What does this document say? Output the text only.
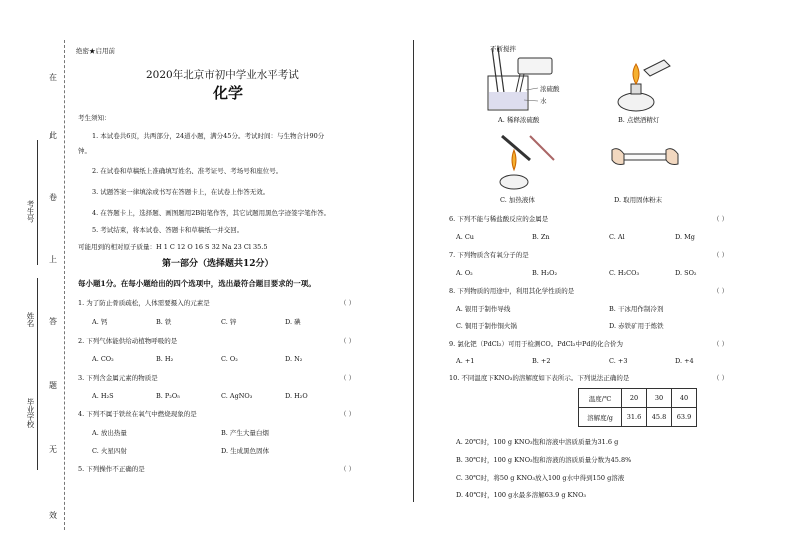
在
此
卷
上
答
题
无
效
考生号
姓名
毕业学校
绝密★启用前
2020年北京市初中学业水平考试
化学
考生须知：
1. 本试卷共6页，共两部分，24道小题，满分45分。考试时间：与生物合计90分
钟。
2. 在试卷和草稿纸上准确填写姓名、准考证号、考场号和座位号。
3. 试题答案一律填涂或书写在答题卡上，在试卷上作答无效。
4. 在答题卡上，选择题、画图题用2B铅笔作答，其它试题用黑色字迹签字笔作答。
5. 考试结束，将本试卷、答题卡和草稿纸一并交回。
可能用到的相对原子质量：H 1 C 12 O 16 S 32 Na 23 Cl 35.5
第一部分（选择题共12分）
每小题1分。在每小题给出的四个选项中，选出最符合题目要求的一项。
1. 为了防止骨质疏松，人体需要摄入的元素是	（ ）
A. 钙	B. 铁	C. 锌	D. 碘
2. 下列气体能供给动植物呼吸的是	（ ）
A. CO₂	B. H₂	C. O₂	D. N₂
3. 下列含金属元素的物质是	（ ）
A. H₂S	B. P₂O₅	C. AgNO₃	D. H₂O
4. 下列不属于铁丝在氧气中燃烧现象的是	（ ）
A. 放出热量	B. 产生大量白烟
C. 火星四射	D. 生成黑色固体
5. 下列操作不正确的是	（ ）
不断搅拌
浓硫酸
水
A. 稀释浓硫酸	B. 点燃酒精灯
C. 加热液体	D. 取用固体粉末
6. 下列不能与稀盐酸反应的金属是	（ ）
A. Cu	B. Zn	C. Al	D. Mg
7. 下列物质含有氧分子的是	（ ）
A. O₂	B. H₂O₂	C. H₂CO₃	D. SO₂
8. 下列物质的用途中，利用其化学性质的是	（ ）
A. 银用于制作导线	B. 干冰用作制冷剂
C. 铜用于制作铜火锅	D. 赤铁矿用于炼铁
9. 氯化钯（PdCl₂）可用于检测CO。PdCl₂中Pd的化合价为	（ ）
A. +1	B. +2	C. +3	D. +4
10. 不同温度下KNO₃的溶解度如下表所示。下列说法正确的是	（ ）
温度/℃	20	30	40
溶解度/g	31.6	45.8	63.9
A. 20℃时，100 g KNO₃饱和溶液中溶质质量为31.6 g
B. 30℃时，100 g KNO₃饱和溶液的溶质质量分数为45.8%
C. 30℃时，将50 g KNO₃放入100 g水中得到150 g溶液
D. 40℃时，100 g水最多溶解63.9 g KNO₃
